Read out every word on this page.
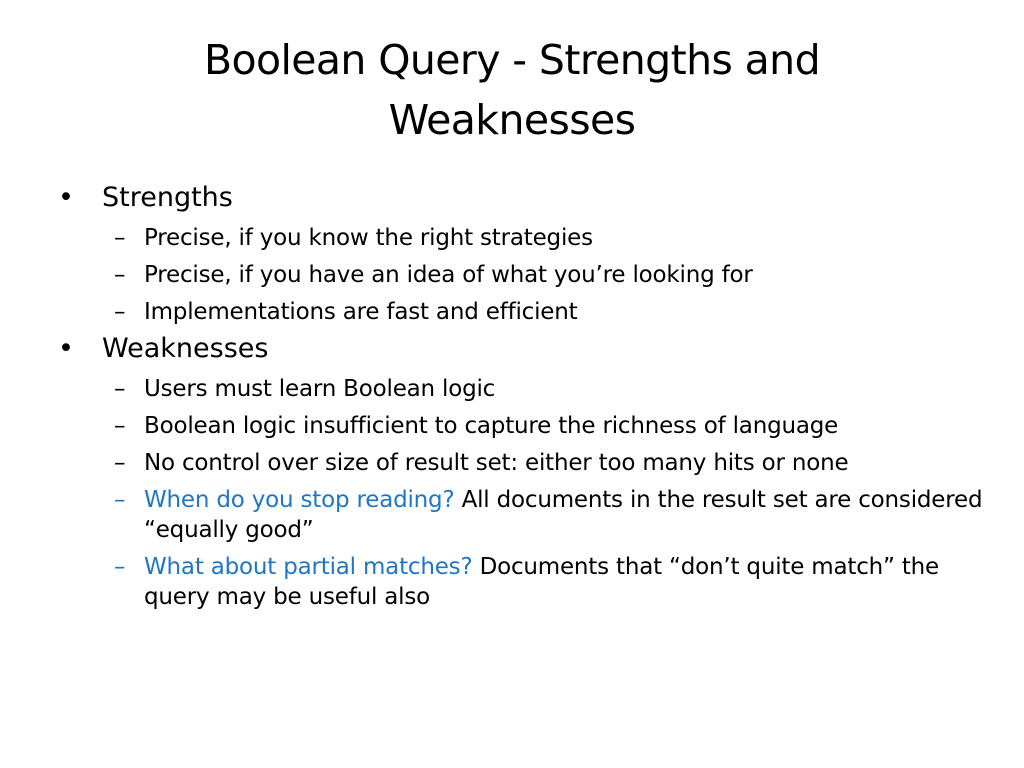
Boolean Query - Strengths and Weaknesses
•	Strengths
– Precise, if you know the right strategies
– Precise, if you have an idea of what you’re looking for
– Implementations are fast and efficient
•	Weaknesses
– Users must learn Boolean logic
– Boolean logic insufficient to capture the richness of language
– No control over size of result set: either too many hits or none
– When do you stop reading? All documents in the result set are considered “equally good”
– What about partial matches? Documents that “don’t quite match” the query may be useful also
